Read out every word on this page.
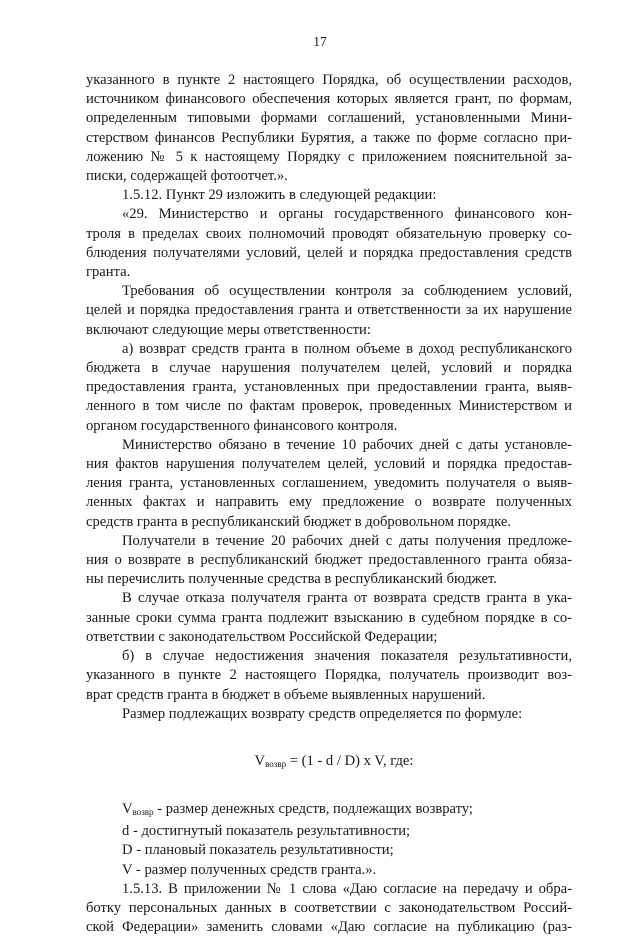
17
указанного в пункте 2 настоящего Порядка, об осуществлении расходов,
источником финансового обеспечения которых является грант, по формам,
определенным типовыми формами соглашений, установленными Мини-
стерством финансов Республики Бурятия, а также по форме согласно при-
ложению № 5 к настоящему Порядку с приложением пояснительной за-
писки, содержащей фотоотчет.».
1.5.12. Пункт 29 изложить в следующей редакции:
«29. Министерство и органы государственного финансового кон-
троля в пределах своих полномочий проводят обязательную проверку со-
блюдения получателями условий, целей и порядка предоставления средств
гранта.
Требования об осуществлении контроля за соблюдением условий,
целей и порядка предоставления гранта и ответственности за их нарушение
включают следующие меры ответственности:
а) возврат средств гранта в полном объеме в доход республиканского
бюджета в случае нарушения получателем целей, условий и порядка
предоставления гранта, установленных при предоставлении гранта, выяв-
ленного в том числе по фактам проверок, проведенных Министерством и
органом государственного финансового контроля.
Министерство обязано в течение 10 рабочих дней с даты установле-
ния фактов нарушения получателем целей, условий и порядка предостав-
ления гранта, установленных соглашением, уведомить получателя о выяв-
ленных фактах и направить ему предложение о возврате полученных
средств гранта в республиканский бюджет в добровольном порядке.
Получатели в течение 20 рабочих дней с даты получения предложе-
ния о возврате в республиканский бюджет предоставленного гранта обяза-
ны перечислить полученные средства в республиканский бюджет.
В случае отказа получателя гранта от возврата средств гранта в ука-
занные сроки сумма гранта подлежит взысканию в судебном порядке в со-
ответствии с законодательством Российской Федерации;
б) в случае недостижения значения показателя результативности,
указанного в пункте 2 настоящего Порядка, получатель производит воз-
врат средств гранта в бюджет в объеме выявленных нарушений.
Размер подлежащих возврату средств определяется по формуле:
$V_{возвр} = (1 - d / D)$ x V, где:
$V_{возвр}$ - размер денежных средств, подлежащих возврату;
d - достигнутый показатель результативности;
D - плановый показатель результативности;
V - размер полученных средств гранта.».
1.5.13. В приложении № 1 слова «Даю согласие на передачу и обра-
ботку персональных данных в соответствии с законодательством Россий-
ской Федерации» заменить словами «Даю согласие на публикацию (раз-
